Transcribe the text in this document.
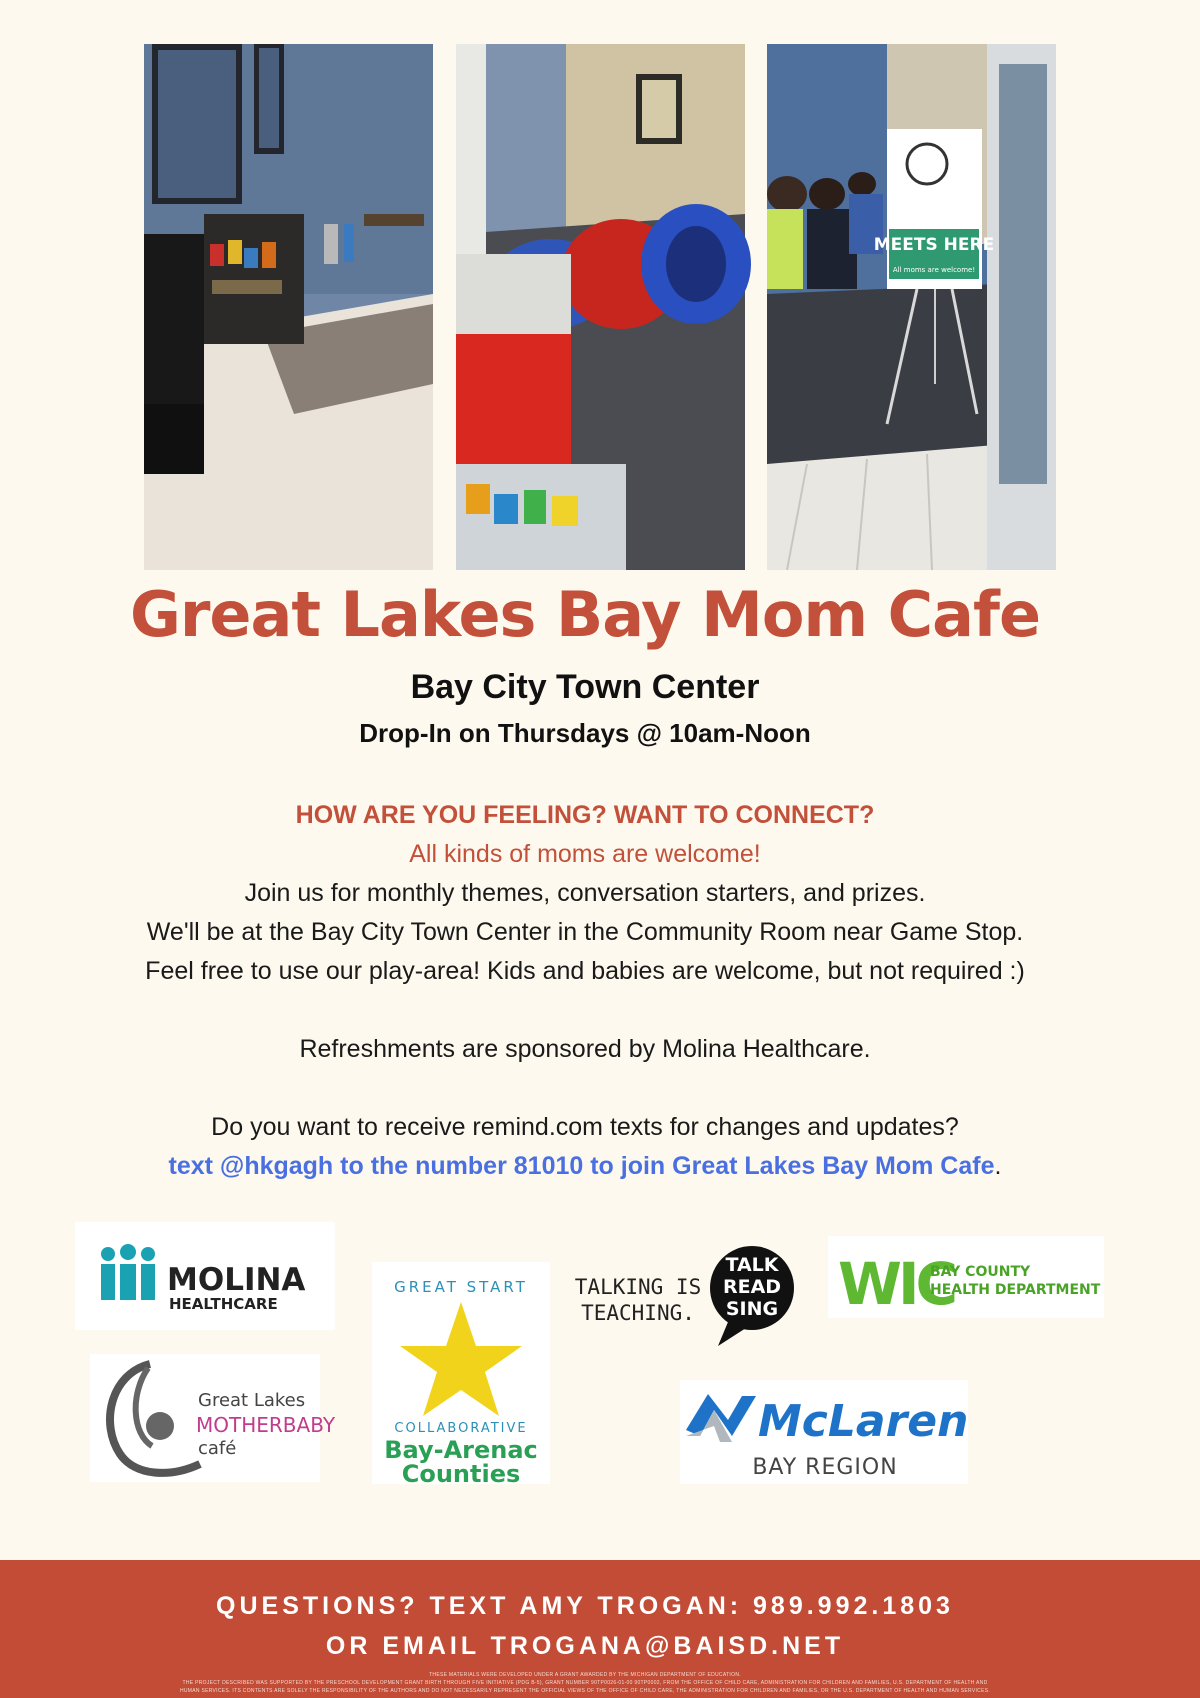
MEETS HERE
All moms are welcome!
Great Lakes Bay Mom Cafe
Bay City Town Center
Drop-In on Thursdays @ 10am-Noon
HOW ARE YOU FEELING? WANT TO CONNECT?
All kinds of moms are welcome!
Join us for monthly themes, conversation starters, and prizes.
We'll be at the Bay City Town Center in the Community Room near Game Stop.
Feel free to use our play-area! Kids and babies are welcome, but not required :)
Refreshments are sponsored by Molina Healthcare.
Do you want to receive remind.com texts for changes and updates?
text @hkgagh to the number 81010 to join Great Lakes Bay Mom Cafe.
MOLINA
HEALTHCARE
GREAT START
COLLABORATIVE
Bay-Arenac
Counties
TALKING IS
TEACHING.
TALK
READ
SING WIC
BAY COUNTY
HEALTH DEPARTMENT
Great Lakes
MOTHERBABY
café
McLaren
BAY REGION
QUESTIONS? TEXT AMY TROGAN: 989.992.1803
OR EMAIL TROGANA@BAISD.NET
THESE MATERIALS WERE DEVELOPED UNDER A GRANT AWARDED BY THE MICHIGAN DEPARTMENT OF EDUCATION.
THE PROJECT DESCRIBED WAS SUPPORTED BY THE PRESCHOOL DEVELOPMENT GRANT BIRTH THROUGH FIVE INITIATIVE (PDG B-5), GRANT NUMBER 90TP0026-01-00 90TP0002, FROM THE OFFICE OF CHILD CARE, ADMINISTRATION FOR CHILDREN AND FAMILIES, U.S. DEPARTMENT OF HEALTH AND
HUMAN SERVICES. ITS CONTENTS ARE SOLELY THE RESPONSIBILITY OF THE AUTHORS AND DO NOT NECESSARILY REPRESENT THE OFFICIAL VIEWS OF THE OFFICE OF CHILD CARE, THE ADMINISTRATION FOR CHILDREN AND FAMILIES, OR THE U.S. DEPARTMENT OF HEALTH AND HUMAN SERVICES.
